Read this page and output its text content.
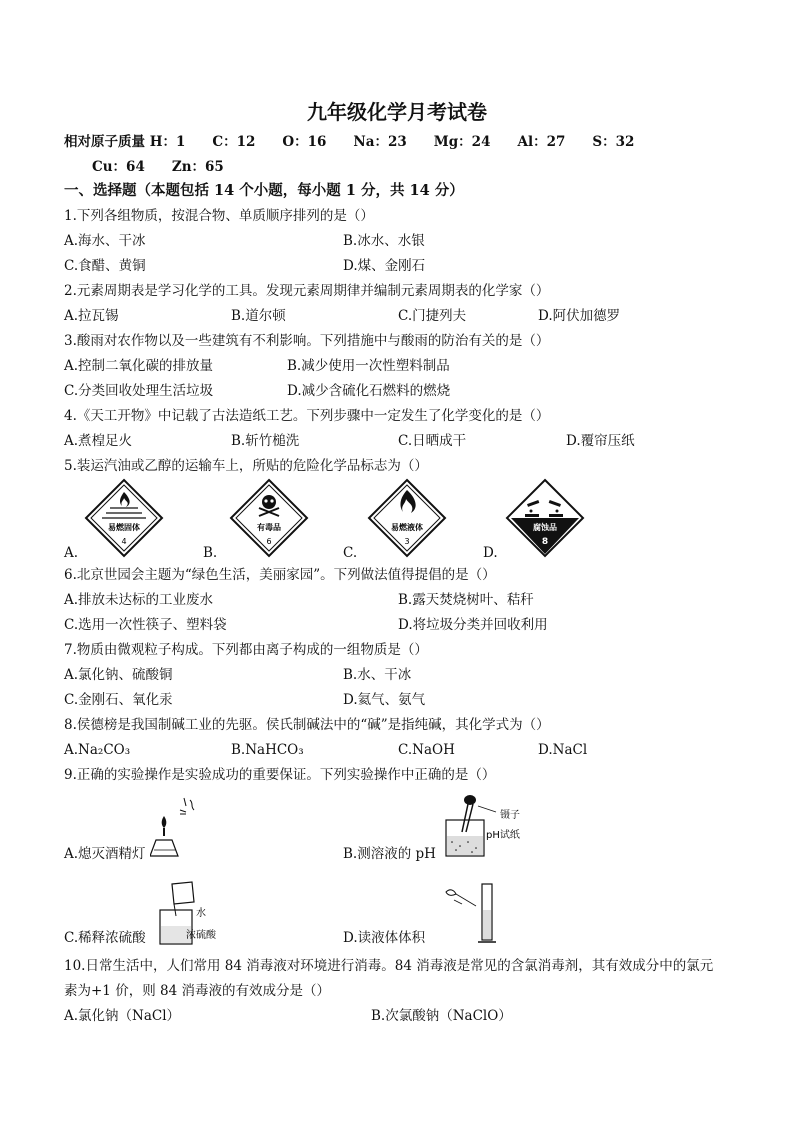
九年级化学月考试卷
相对原子质量 H：1　　C：12　　O：16　　Na：23　　Mg：24　　Al：27　　S：32
Cu：64　　Zn：65
一、选择题（本题包括 14 个小题，每小题 1 分，共 14 分）
1.下列各组物质，按混合物、单质顺序排列的是（）
A.海水、干冰	B.冰水、水银
C.食醋、黄铜	D.煤、金刚石
2.元素周期表是学习化学的工具。发现元素周期律并编制元素周期表的化学家（）
A.拉瓦锡	B.道尔顿	C.门捷列夫	D.阿伏加德罗
3.酸雨对农作物以及一些建筑有不利影响。下列措施中与酸雨的防治有关的是（）
A.控制二氧化碳的排放量	B.减少使用一次性塑料制品
C.分类回收处理生活垃圾	D.减少含硫化石燃料的燃烧
4.《天工开物》中记载了古法造纸工艺。下列步骤中一定发生了化学变化的是（）
A.煮楻足火	B.斩竹槌洗	C.日晒成干	D.覆帘压纸
5.装运汽油或乙醇的运输车上，所贴的危险化学品标志为（）
易燃固体
4
A.
有毒品
6
B.
易燃液体
3
C.
腐蚀品
8
D.
6.北京世园会主题为“绿色生活，美丽家园”。下列做法值得提倡的是（）
A.排放未达标的工业废水	B.露天焚烧树叶、秸秆
C.选用一次性筷子、塑料袋	D.将垃圾分类并回收利用
7.物质由微观粒子构成。下列都由离子构成的一组物质是（）
A.氯化钠、硫酸铜	B.水、干冰
C.金刚石、氧化汞	D.氦气、氨气
8.侯德榜是我国制碱工业的先驱。侯氏制碱法中的“碱”是指纯碱，其化学式为（）
A.Na₂CO₃	B.NaHCO₃	C.NaOH	D.NaCl
9.正确的实验操作是实验成功的重要保证。下列实验操作中正确的是（）
A.熄灭酒精灯
镊子
pH试纸
B.测溶液的 pH
水
浓硫酸
C.稀释浓硫酸	D.读液体体积
10.日常生活中，人们常用 84 消毒液对环境进行消毒。84 消毒液是常见的含氯消毒剂，其有效成分中的氯元
素为+1 价，则 84 消毒液的有效成分是（）
A.氯化钠（NaCl）	B.次氯酸钠（NaClO）
